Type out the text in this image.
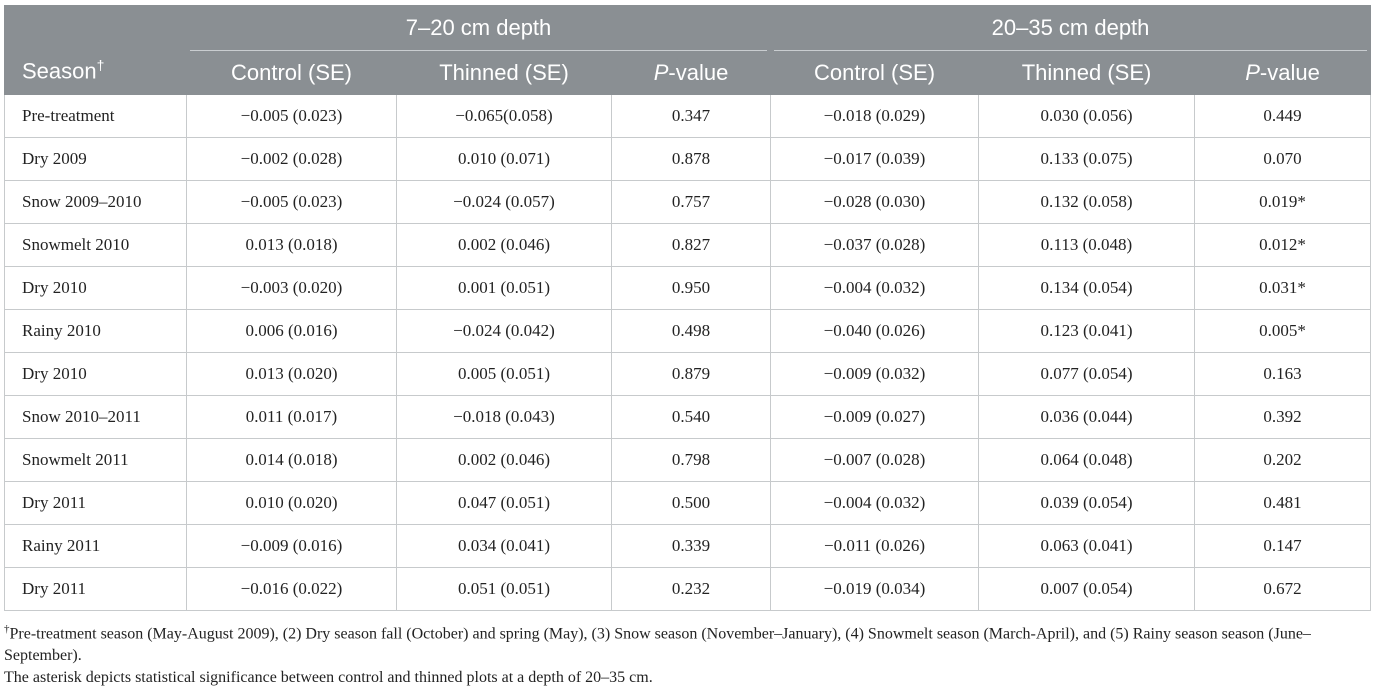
Season†	7–20 cm depth			20–35 cm depth		
	Control (SE)	Thinned (SE)	P-value	Control (SE)	Thinned (SE)	P-value
Pre-treatment	−0.005 (0.023)	−0.065(0.058)	0.347	−0.018 (0.029)	0.030 (0.056)	0.449
Dry 2009	−0.002 (0.028)	0.010 (0.071)	0.878	−0.017 (0.039)	0.133 (0.075)	0.070
Snow 2009–2010	−0.005 (0.023)	−0.024 (0.057)	0.757	−0.028 (0.030)	0.132 (0.058)	0.019*
Snowmelt 2010	0.013 (0.018)	0.002 (0.046)	0.827	−0.037 (0.028)	0.113 (0.048)	0.012*
Dry 2010	−0.003 (0.020)	0.001 (0.051)	0.950	−0.004 (0.032)	0.134 (0.054)	0.031*
Rainy 2010	0.006 (0.016)	−0.024 (0.042)	0.498	−0.040 (0.026)	0.123 (0.041)	0.005*
Dry 2010	0.013 (0.020)	0.005 (0.051)	0.879	−0.009 (0.032)	0.077 (0.054)	0.163
Snow 2010–2011	0.011 (0.017)	−0.018 (0.043)	0.540	−0.009 (0.027)	0.036 (0.044)	0.392
Snowmelt 2011	0.014 (0.018)	0.002 (0.046)	0.798	−0.007 (0.028)	0.064 (0.048)	0.202
Dry 2011	0.010 (0.020)	0.047 (0.051)	0.500	−0.004 (0.032)	0.039 (0.054)	0.481
Rainy 2011	−0.009 (0.016)	0.034 (0.041)	0.339	−0.011 (0.026)	0.063 (0.041)	0.147
Dry 2011	−0.016 (0.022)	0.051 (0.051)	0.232	−0.019 (0.034)	0.007 (0.054)	0.672

†Pre-treatment season (May-August 2009), (2) Dry season fall (October) and spring (May), (3) Snow season (November–January), (4) Snowmelt season (March-April), and (5) Rainy season season (June–September).

The asterisk depicts statistical significance between control and thinned plots at a depth of 20–35 cm.
